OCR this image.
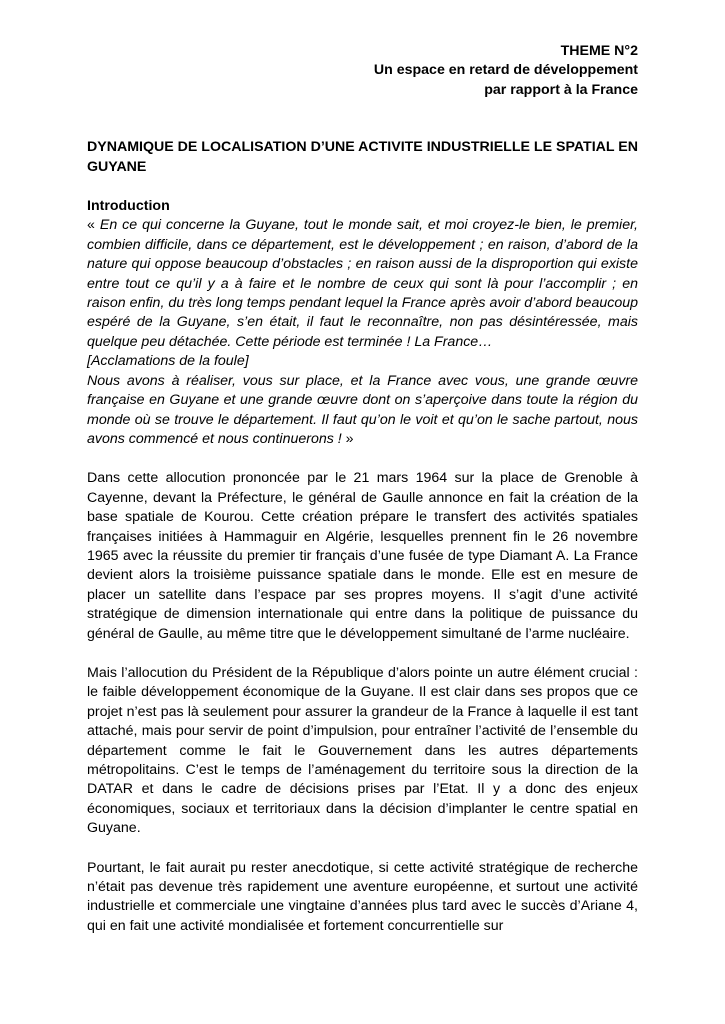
THEME N°2
Un espace en retard de développement
par rapport à la France
DYNAMIQUE DE LOCALISATION D’UNE ACTIVITE INDUSTRIELLE LE SPATIAL EN GUYANE
Introduction
« En ce qui concerne la Guyane, tout le monde sait, et moi croyez-le bien, le premier, combien difficile, dans ce département, est le développement ; en raison, d’abord de la nature qui oppose beaucoup d’obstacles ; en raison aussi de la disproportion qui existe entre tout ce qu’il y a à faire et le nombre de ceux qui sont là pour l’accomplir ; en raison enfin, du très long temps pendant lequel la France après avoir d’abord beaucoup espéré de la Guyane, s’en était, il faut le reconnaître, non pas désintéressée, mais quelque peu détachée. Cette période est terminée ! La France…
[Acclamations de la foule]
Nous avons à réaliser, vous sur place, et la France avec vous, une grande œuvre française en Guyane et une grande œuvre dont on s’aperçoive dans toute la région du monde où se trouve le département. Il faut qu’on le voit et qu’on le sache partout, nous avons commencé et nous continuerons ! »

Dans cette allocution prononcée par le 21 mars 1964 sur la place de Grenoble à Cayenne, devant la Préfecture, le général de Gaulle annonce en fait la création de la base spatiale de Kourou. Cette création prépare le transfert des activités spatiales françaises initiées à Hammaguir en Algérie, lesquelles prennent fin le 26 novembre 1965 avec la réussite du premier tir français d’une fusée de type Diamant A. La France devient alors la troisième puissance spatiale dans le monde. Elle est en mesure de placer un satellite dans l’espace par ses propres moyens. Il s’agit d’une activité stratégique de dimension internationale qui entre dans la politique de puissance du général de Gaulle, au même titre que le développement simultané de l’arme nucléaire.

Mais l’allocution du Président de la République d’alors pointe un autre élément crucial : le faible développement économique de la Guyane. Il est clair dans ses propos que ce projet n’est pas là seulement pour assurer la grandeur de la France à laquelle il est tant attaché, mais pour servir de point d’impulsion, pour entraîner l’activité de l’ensemble du département comme le fait le Gouvernement dans les autres départements métropolitains. C’est le temps de l’aménagement du territoire sous la direction de la DATAR et dans le cadre de décisions prises par l’Etat. Il y a donc des enjeux économiques, sociaux et territoriaux dans la décision d’implanter le centre spatial en Guyane.

Pourtant, le fait aurait pu rester anecdotique, si cette activité stratégique de recherche n’était pas devenue très rapidement une aventure européenne, et surtout une activité industrielle et commerciale une vingtaine d’années plus tard avec le succès d’Ariane 4, qui en fait une activité mondialisée et fortement concurrentielle sur
